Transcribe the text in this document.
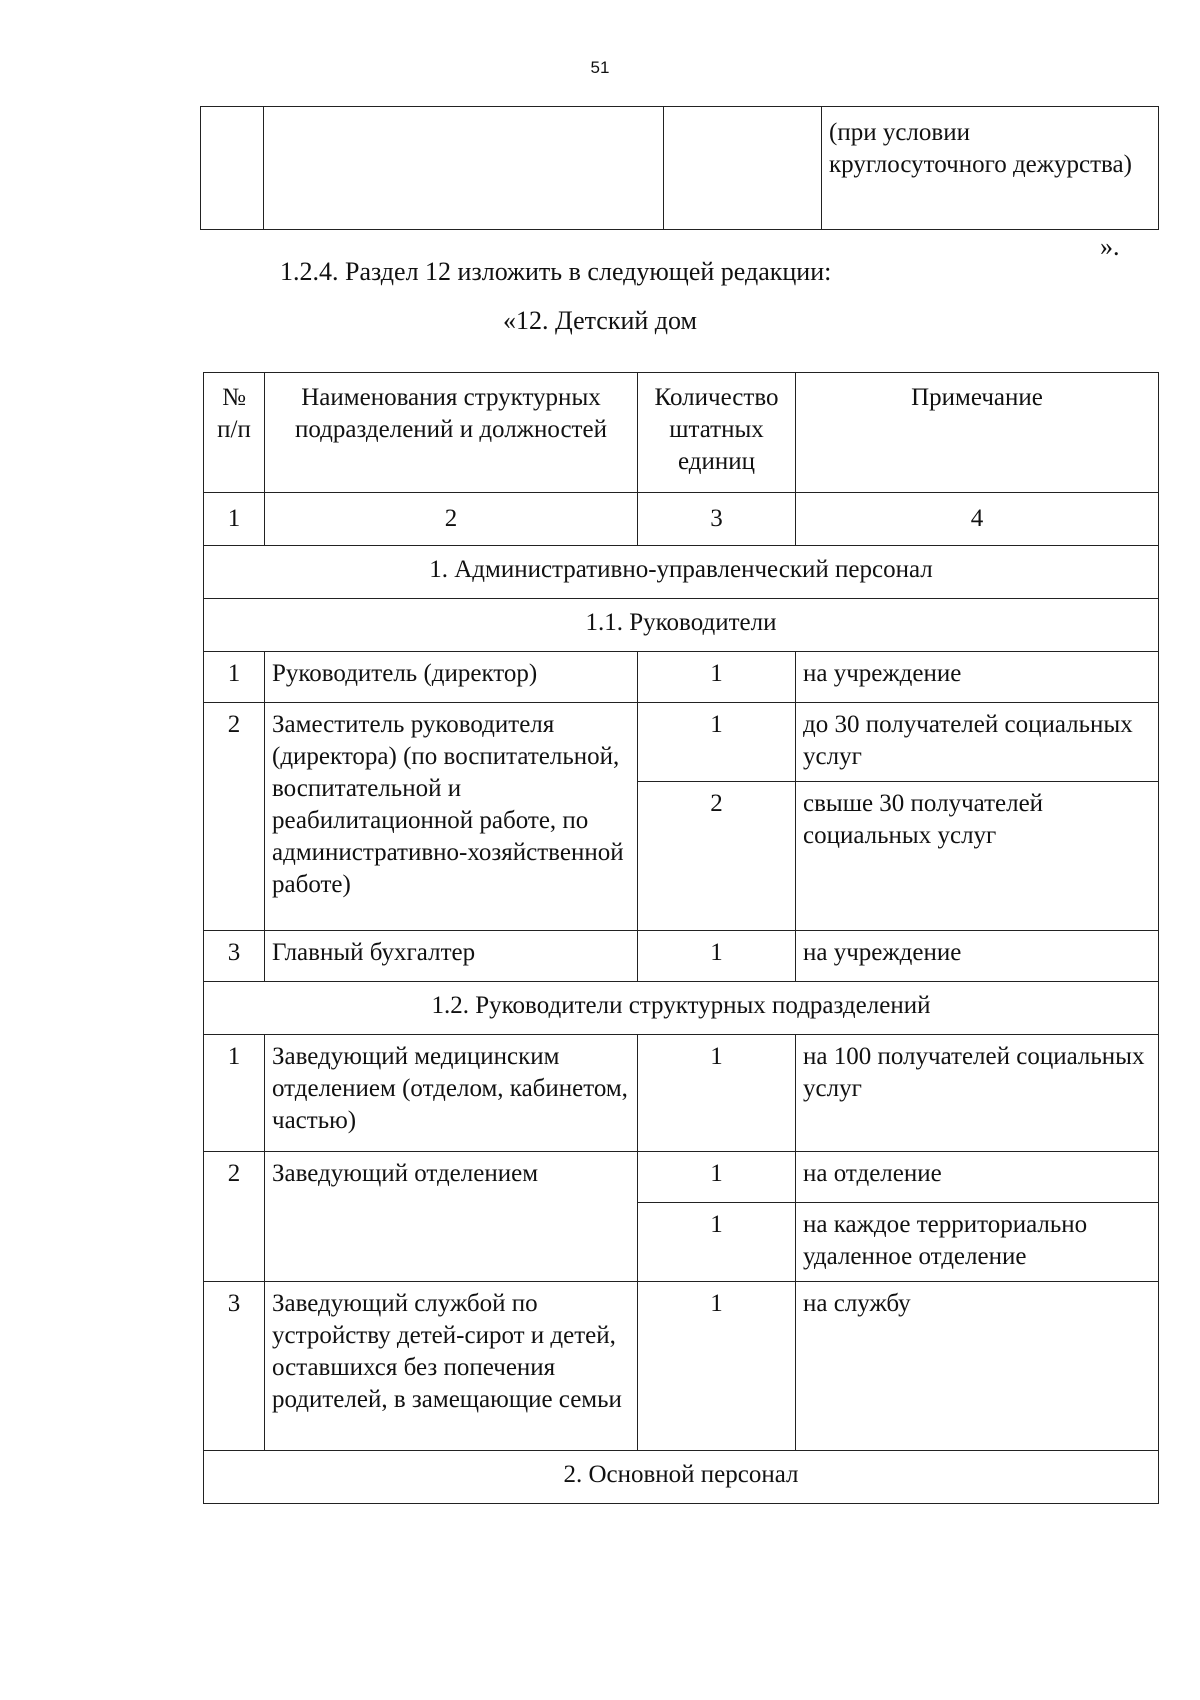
51
			(при условии круглосуточного дежурства)
».
1.2.4. Раздел 12 изложить в следующей редакции:
«12. Детский дом
№ п/п	Наименования структурных подразделений и должностей	Количество штатных единиц	Примечание
1	2	3	4
1. Административно-управленческий персонал			
1.1. Руководители			
1	Руководитель (директор)	1	на учреждение
2	Заместитель руководителя (директора) (по воспитательной, воспитательной и реабилитационной работе, по административно-хозяйственной работе)	1	до 30 получателей социальных услуг
		2	свыше 30 получателей социальных услуг
3	Главный бухгалтер	1	на учреждение
1.2. Руководители структурных подразделений			
1	Заведующий медицинским отделением (отделом, кабинетом, частью)	1	на 100 получателей социальных услуг
2	Заведующий отделением	1	на отделение
		1	на каждое территориально удаленное отделение
3	Заведующий службой по устройству детей-сирот и детей, оставшихся без попечения родителей, в замещающие семьи	1	на службу
2. Основной персонал			
